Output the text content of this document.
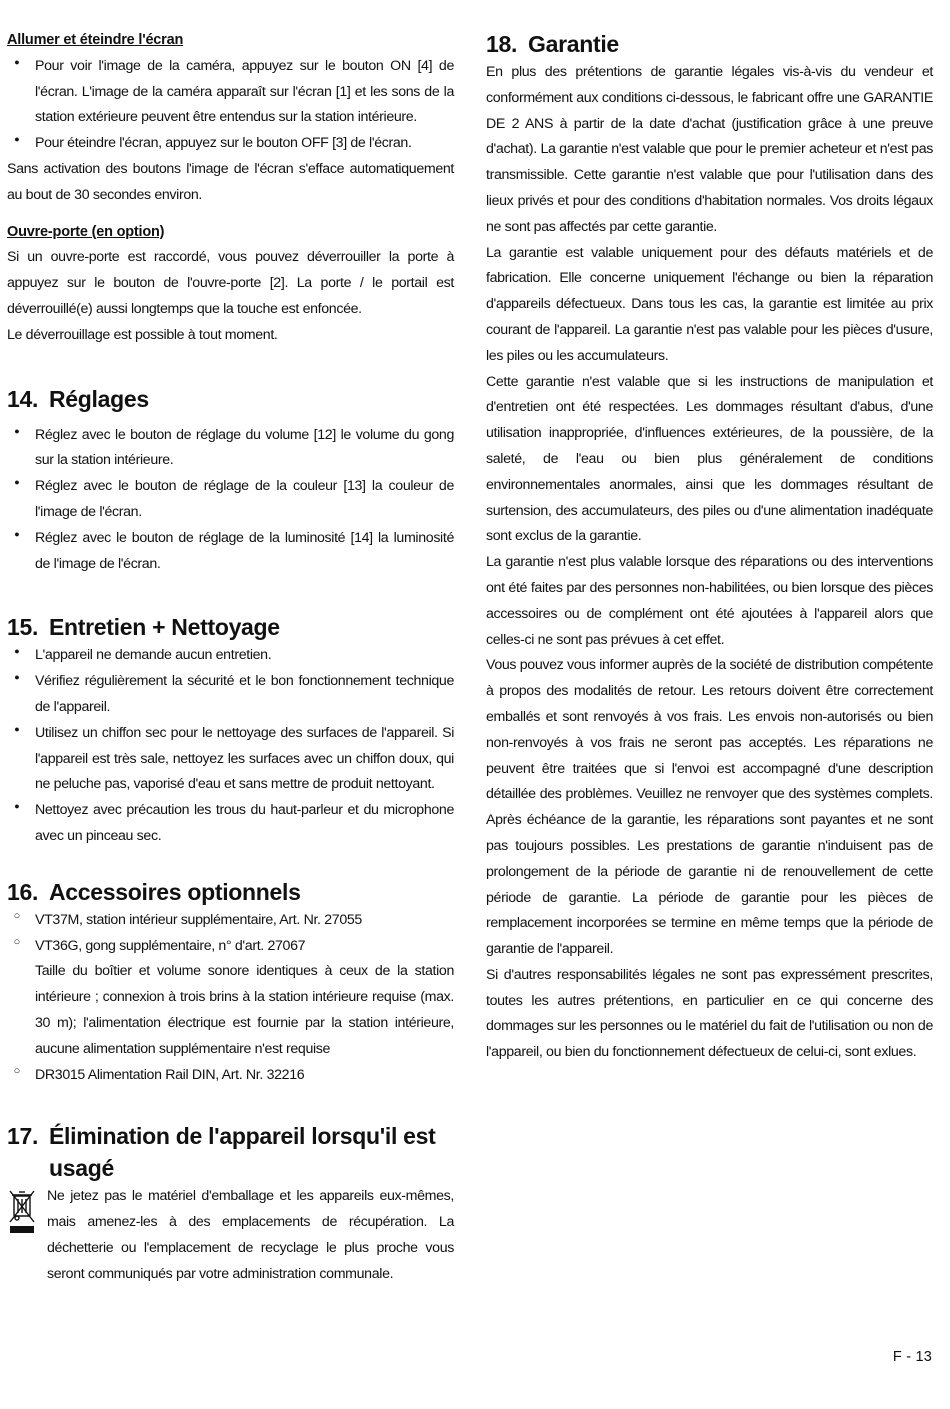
Allumer et éteindre l'écran

●

Pour voir l'image de la caméra, appuyez sur le bouton ON [4] de l'écran. L'image de la caméra apparaît sur l'écran [1] et les sons de la station extérieure peuvent être entendus sur la station intérieure.

●

Pour éteindre l'écran, appuyez sur le bouton OFF [3] de l'écran.

Sans activation des boutons l'image de l'écran s'efface automatiquement au bout de 30 secondes environ.

Ouvre-porte (en option)

Si un ouvre-porte est raccordé, vous pouvez déverrouiller la porte à appuyez sur le bouton de l'ouvre-porte [2]. La porte / le portail est déverrouillé(e) aussi longtemps que la touche est enfoncée.

Le déverrouillage est possible à tout moment.

14. Réglages
●

Réglez avec le bouton de réglage du volume [12] le volume du gong sur la station intérieure.

●

Réglez avec le bouton de réglage de la couleur [13] la couleur de l'image de l'écran.

●

Réglez avec le bouton de réglage de la luminosité [14] la luminosité de l'image de l'écran.

15. Entretien + Nettoyage
●

L'appareil ne demande aucun entretien.

●

Vérifiez régulièrement la sécurité et le bon fonctionnement technique de l'appareil.

●

Utilisez un chiffon sec pour le nettoyage des surfaces de l'appareil. Si l'appareil est très sale, nettoyez les surfaces avec un chiffon doux, qui ne peluche pas, vaporisé d'eau et sans mettre de produit nettoyant.

●

Nettoyez avec précaution les trous du haut-parleur et du microphone avec un pinceau sec.

16. Accessoires optionnels
○

VT37M, station intérieur supplémentaire, Art. Nr. 27055

○

VT36G, gong supplémentaire, n° d'art. 27067

Taille du boîtier et volume sonore identiques à ceux de la station intérieure ; connexion à trois brins à la station intérieure requise (max. 30 m); l'alimentation électrique est fournie par la station intérieure, aucune alimentation supplémentaire n'est requise

○

DR3015 Alimentation Rail DIN, Art. Nr. 32216

17. Élimination de l'appareil lorsqu'il est usagé

Ne jetez pas le matériel d'emballage et les appareils eux-mêmes, mais amenez-les à des emplacements de récupération. La déchetterie ou l'emplacement de recyclage le plus proche vous seront communiqués par votre administration communale.

18. Garantie

En plus des prétentions de garantie légales vis-à-vis du vendeur et conformément aux conditions ci-dessous, le fabricant offre une GARANTIE DE 2 ANS à partir de la date d'achat (justification grâce à une preuve d'achat). La garantie n'est valable que pour le premier acheteur et n'est pas transmissible. Cette garantie n'est valable que pour l'utilisation dans des lieux privés et pour des conditions d'habitation normales. Vos droits légaux ne sont pas affectés par cette garantie.

La garantie est valable uniquement pour des défauts matériels et de fabrication. Elle concerne uniquement l'échange ou bien la réparation d'appareils défectueux. Dans tous les cas, la garantie est limitée au prix courant de l'appareil. La garantie n'est pas valable pour les pièces d'usure, les piles ou les accumulateurs.

Cette garantie n'est valable que si les instructions de manipulation et d'entretien ont été respectées. Les dommages résultant d'abus, d'une utilisation inappropriée, d'influences extérieures, de la poussière, de la saleté, de l'eau ou bien plus généralement de conditions environnementales anormales, ainsi que les dommages résultant de surtension, des accumulateurs, des piles ou d'une alimentation inadéquate sont exclus de la garantie.

La garantie n'est plus valable lorsque des réparations ou des interventions ont été faites par des personnes non-habilitées, ou bien lorsque des pièces accessoires ou de complément ont été ajoutées à l'appareil alors que celles-ci ne sont pas prévues à cet effet.

Vous pouvez vous informer auprès de la société de distribution compétente à propos des modalités de retour. Les retours doivent être correctement emballés et sont renvoyés à vos frais. Les envois non-autorisés ou bien non-renvoyés à vos frais ne seront pas acceptés. Les réparations ne peuvent être traitées que si l'envoi est accompagné d'une description détaillée des problèmes. Veuillez ne renvoyer que des systèmes complets. Après échéance de la garantie, les réparations sont payantes et ne sont pas toujours possibles. Les prestations de garantie n'induisent pas de prolongement de la période de garantie ni de renouvellement de cette période de garantie. La période de garantie pour les pièces de remplacement incorporées se termine en même temps que la période de garantie de l'appareil.

Si d'autres responsabilités légales ne sont pas expressément prescrites, toutes les autres prétentions, en particulier en ce qui concerne des dommages sur les personnes ou le matériel du fait de l'utilisation ou non de l'appareil, ou bien du fonctionnement défectueux de celui-ci, sont exlues.

F - 13
